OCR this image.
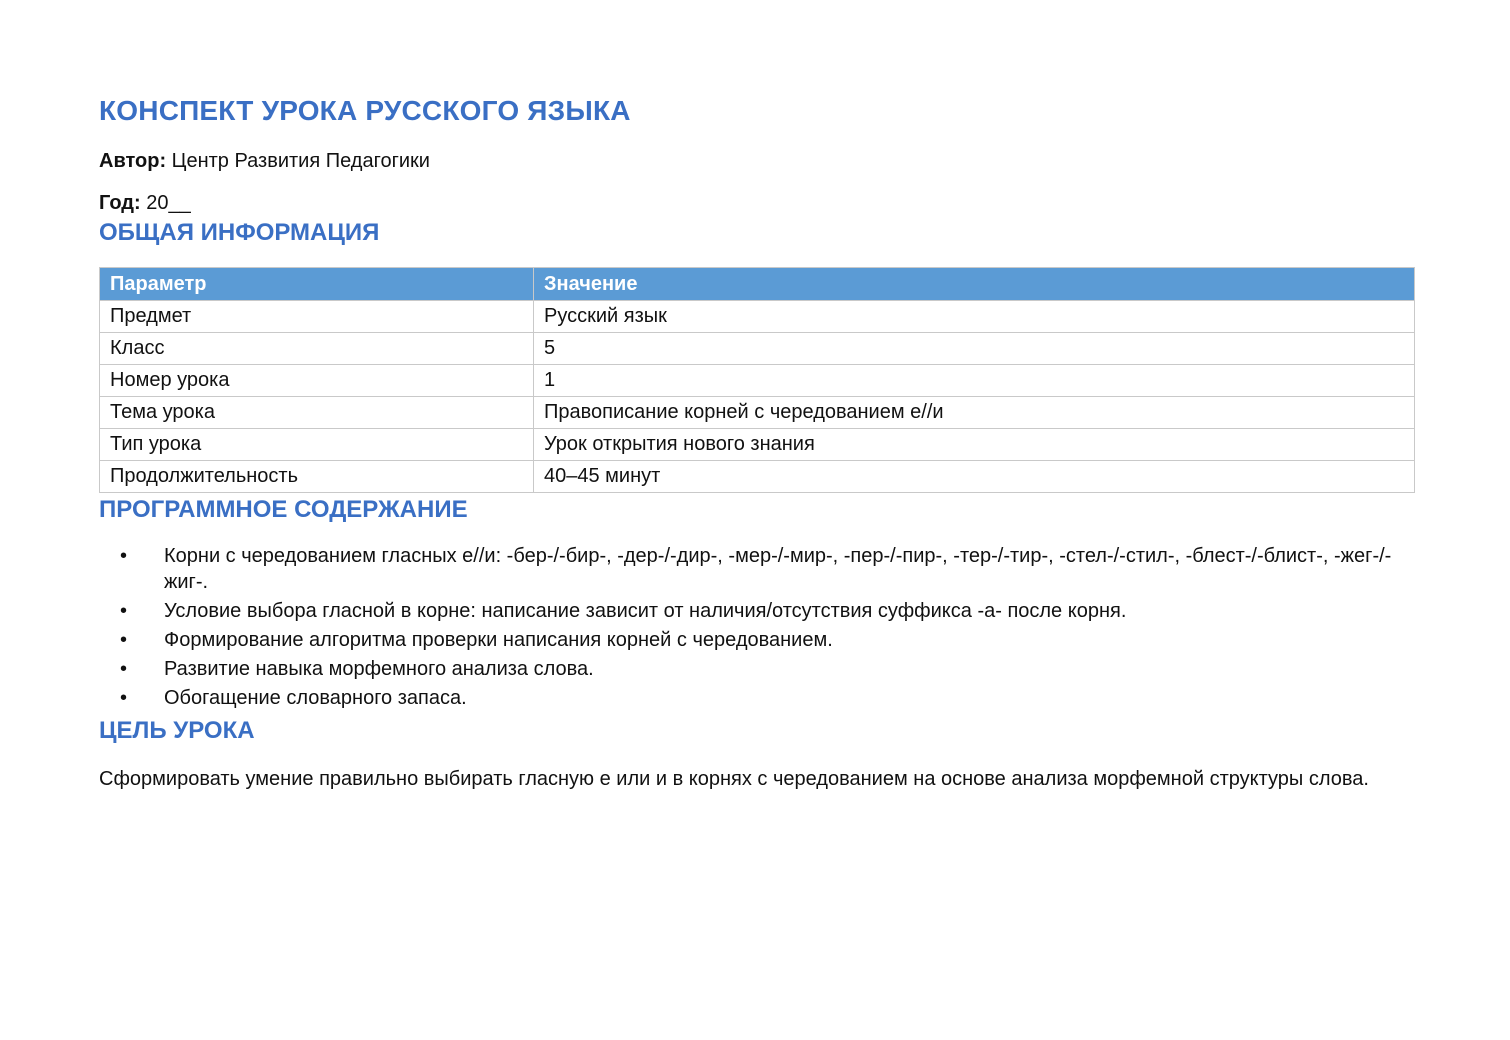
КОНСПЕКТ УРОКА РУССКОГО ЯЗЫКА

Автор: Центр Развития Педагогики

Год: 20__

ОБЩАЯ ИНФОРМАЦИЯ
Параметр	Значение
Предмет	Русский язык
Класс	5
Номер урока	1
Тема урока	Правописание корней с чередованием е//и
Тип урока	Урок открытия нового знания
Продолжительность	40–45 минут
ПРОГРАММНОЕ СОДЕРЖАНИЕ
• Корни с чередованием гласных е//и: -бер-/-бир-, -дер-/-дир-, -мер-/-мир-, -пер-/-пир-, -тер-/-тир-, -стел-/-стил-, -блест-/-блист-, -жег-/-жиг-.
• Условие выбора гласной в корне: написание зависит от наличия/отсутствия суффикса -а- после корня.
• Формирование алгоритма проверки написания корней с чередованием.
• Развитие навыка морфемного анализа слова.
• Обогащение словарного запаса.
ЦЕЛЬ УРОКА

Сформировать умение правильно выбирать гласную е или и в корнях с чередованием на основе анализа морфемной структуры слова.
